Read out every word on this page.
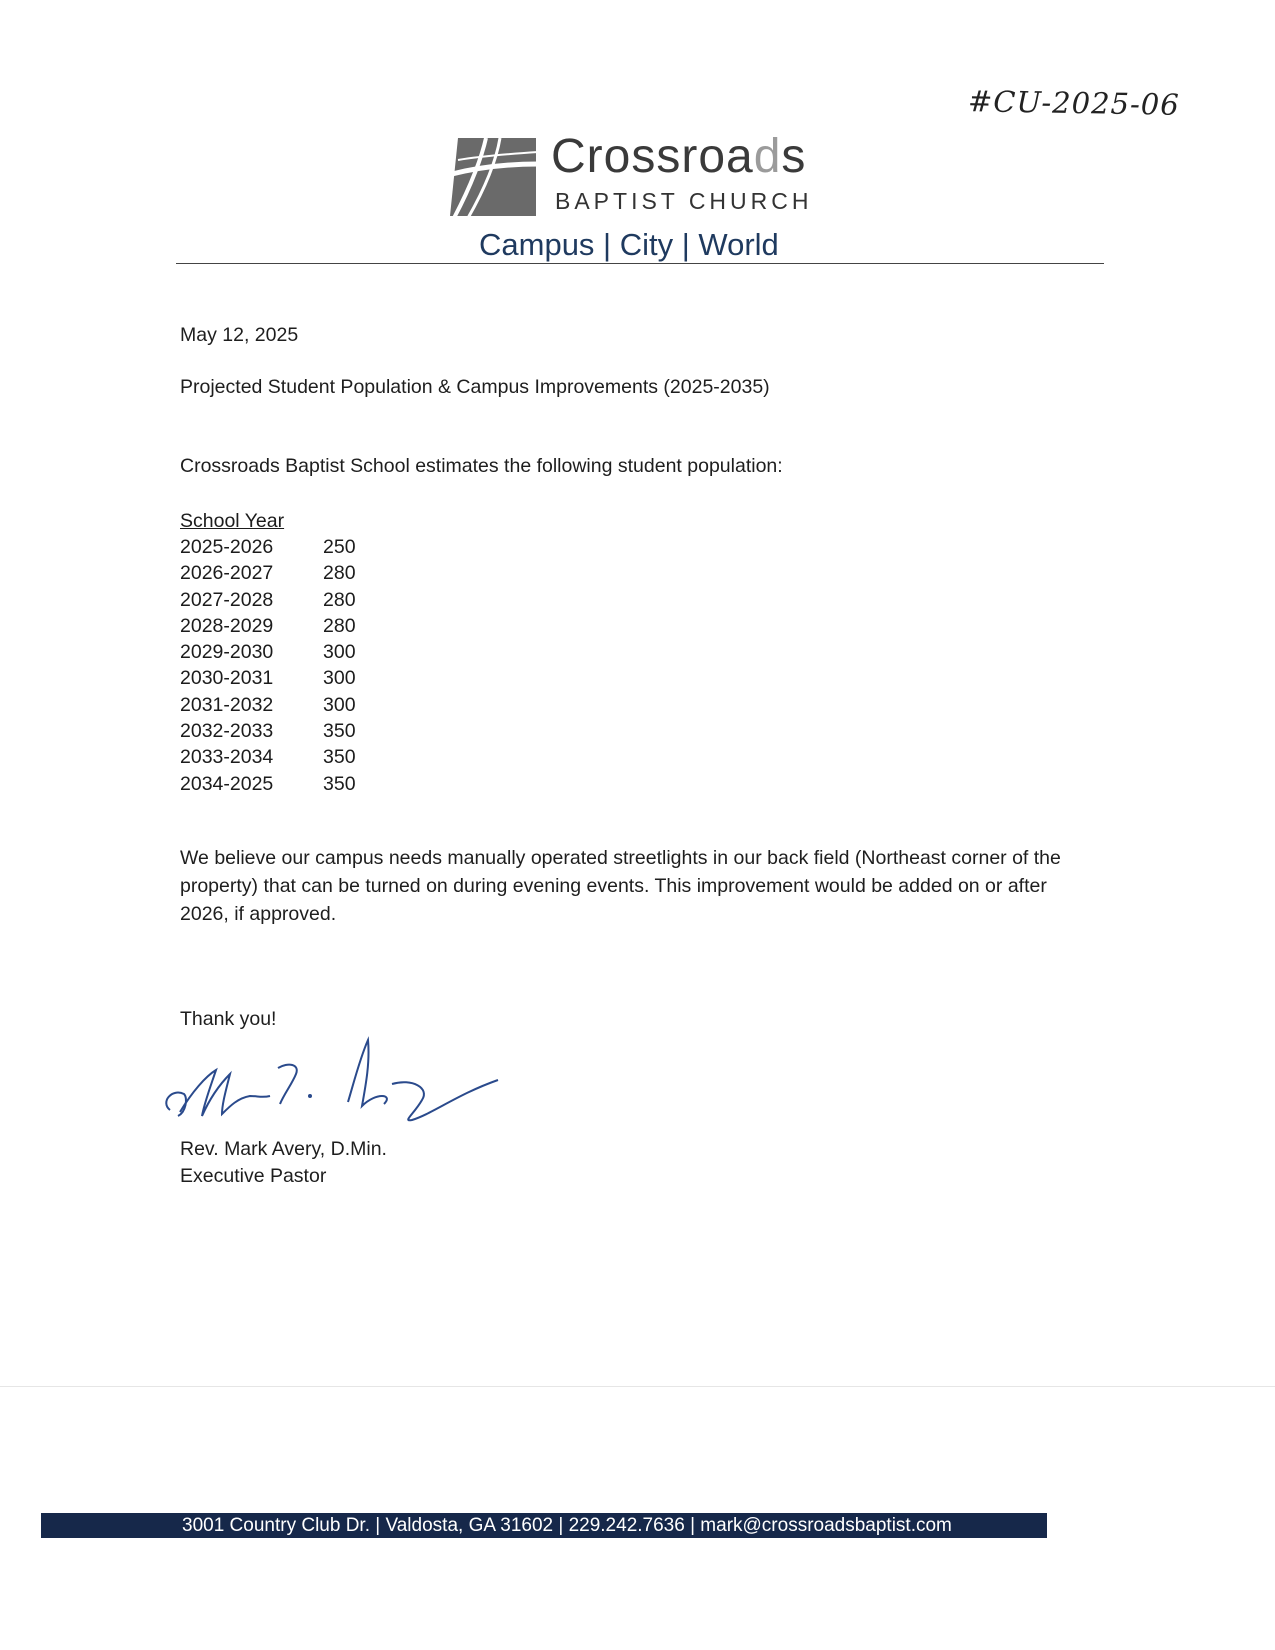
#CU-2025-06
Crossroads
BAPTIST CHURCH
Campus | City | World
May 12, 2025
Projected Student Population & Campus Improvements (2025-2035)
Crossroads Baptist School estimates the following student population:
School Year
2025-2026	250
2026-2027	280
2027-2028	280
2028-2029	280
2029-2030	300
2030-2031	300
2031-2032	300
2032-2033	350
2033-2034	350
2034-2025	350
We believe our campus needs manually operated streetlights in our back field (Northeast corner of the property) that can be turned on during evening events. This improvement would be added on or after 2026, if approved.
Thank you!
Rev. Mark Avery, D.Min.
Executive Pastor
3001 Country Club Dr. | Valdosta, GA 31602 | 229.242.7636 | mark@crossroadsbaptist.com
